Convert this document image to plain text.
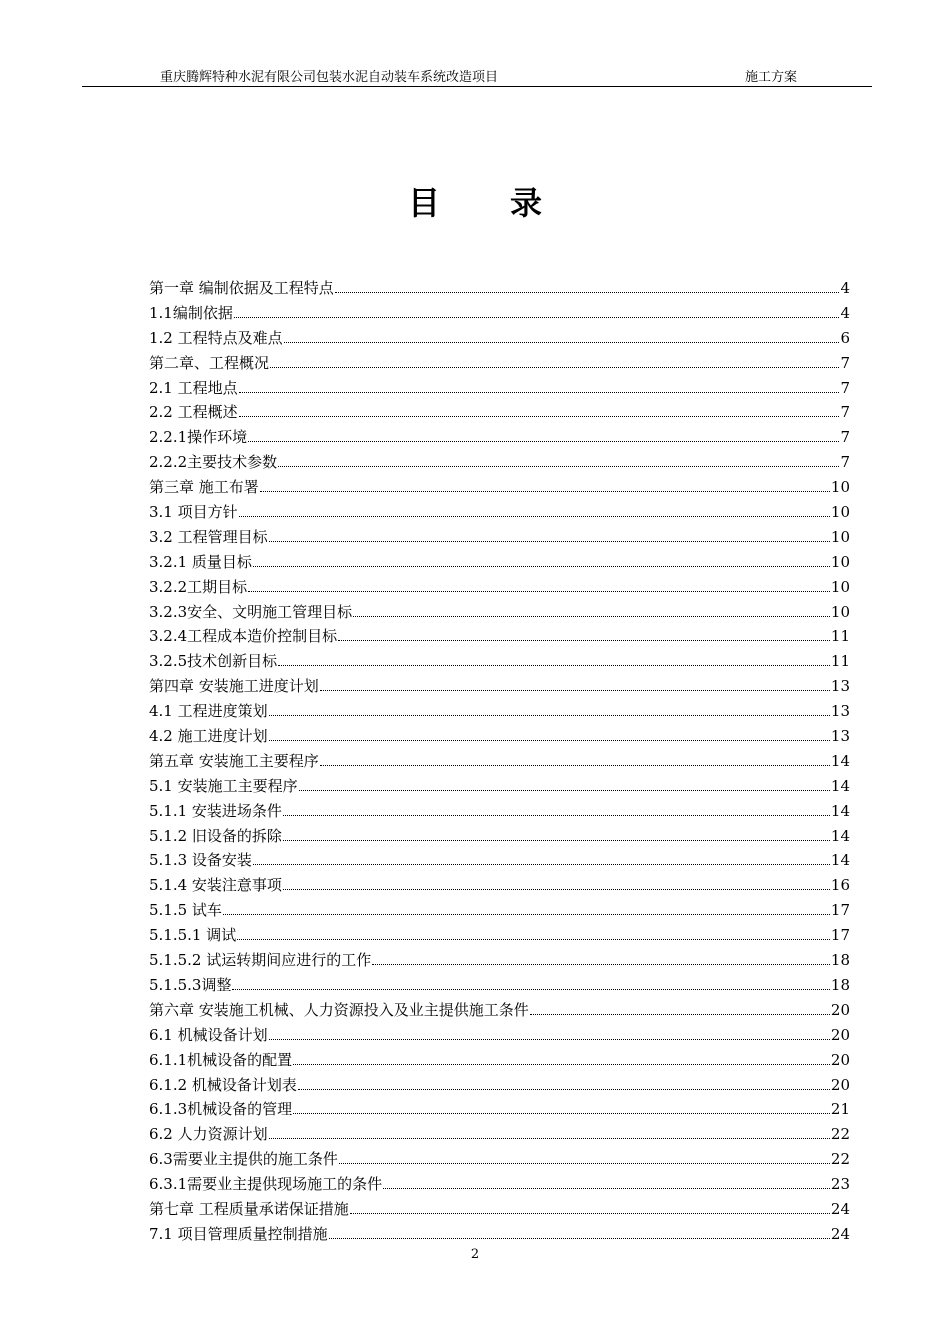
重庆腾辉特种水泥有限公司包装水泥自动装车系统改造项目	施工方案
目 录
第一章 编制依据及工程特点	4
1.1编制依据	4
1.2 工程特点及难点	6
第二章、工程概况	7
2.1 工程地点	7
2.2 工程概述	7
2.2.1操作环境	7
2.2.2主要技术参数	7
第三章 施工布署	10
3.1 项目方针	10
3.2 工程管理目标	10
3.2.1 质量目标	10
3.2.2工期目标	10
3.2.3安全、文明施工管理目标	10
3.2.4工程成本造价控制目标	11
3.2.5技术创新目标	11
第四章 安装施工进度计划	13
4.1 工程进度策划	13
4.2 施工进度计划	13
第五章 安装施工主要程序	14
5.1 安装施工主要程序	14
5.1.1 安装进场条件	14
5.1.2 旧设备的拆除	14
5.1.3 设备安装	14
5.1.4 安装注意事项	16
5.1.5 试车	17
5.1.5.1 调试	17
5.1.5.2 试运转期间应进行的工作	18
5.1.5.3调整	18
第六章 安装施工机械、人力资源投入及业主提供施工条件	20
6.1 机械设备计划	20
6.1.1机械设备的配置	20
6.1.2 机械设备计划表	20
6.1.3机械设备的管理	21
6.2 人力资源计划	22
6.3需要业主提供的施工条件	22
6.3.1需要业主提供现场施工的条件	23
第七章 工程质量承诺保证措施	24
7.1 项目管理质量控制措施	24
2
